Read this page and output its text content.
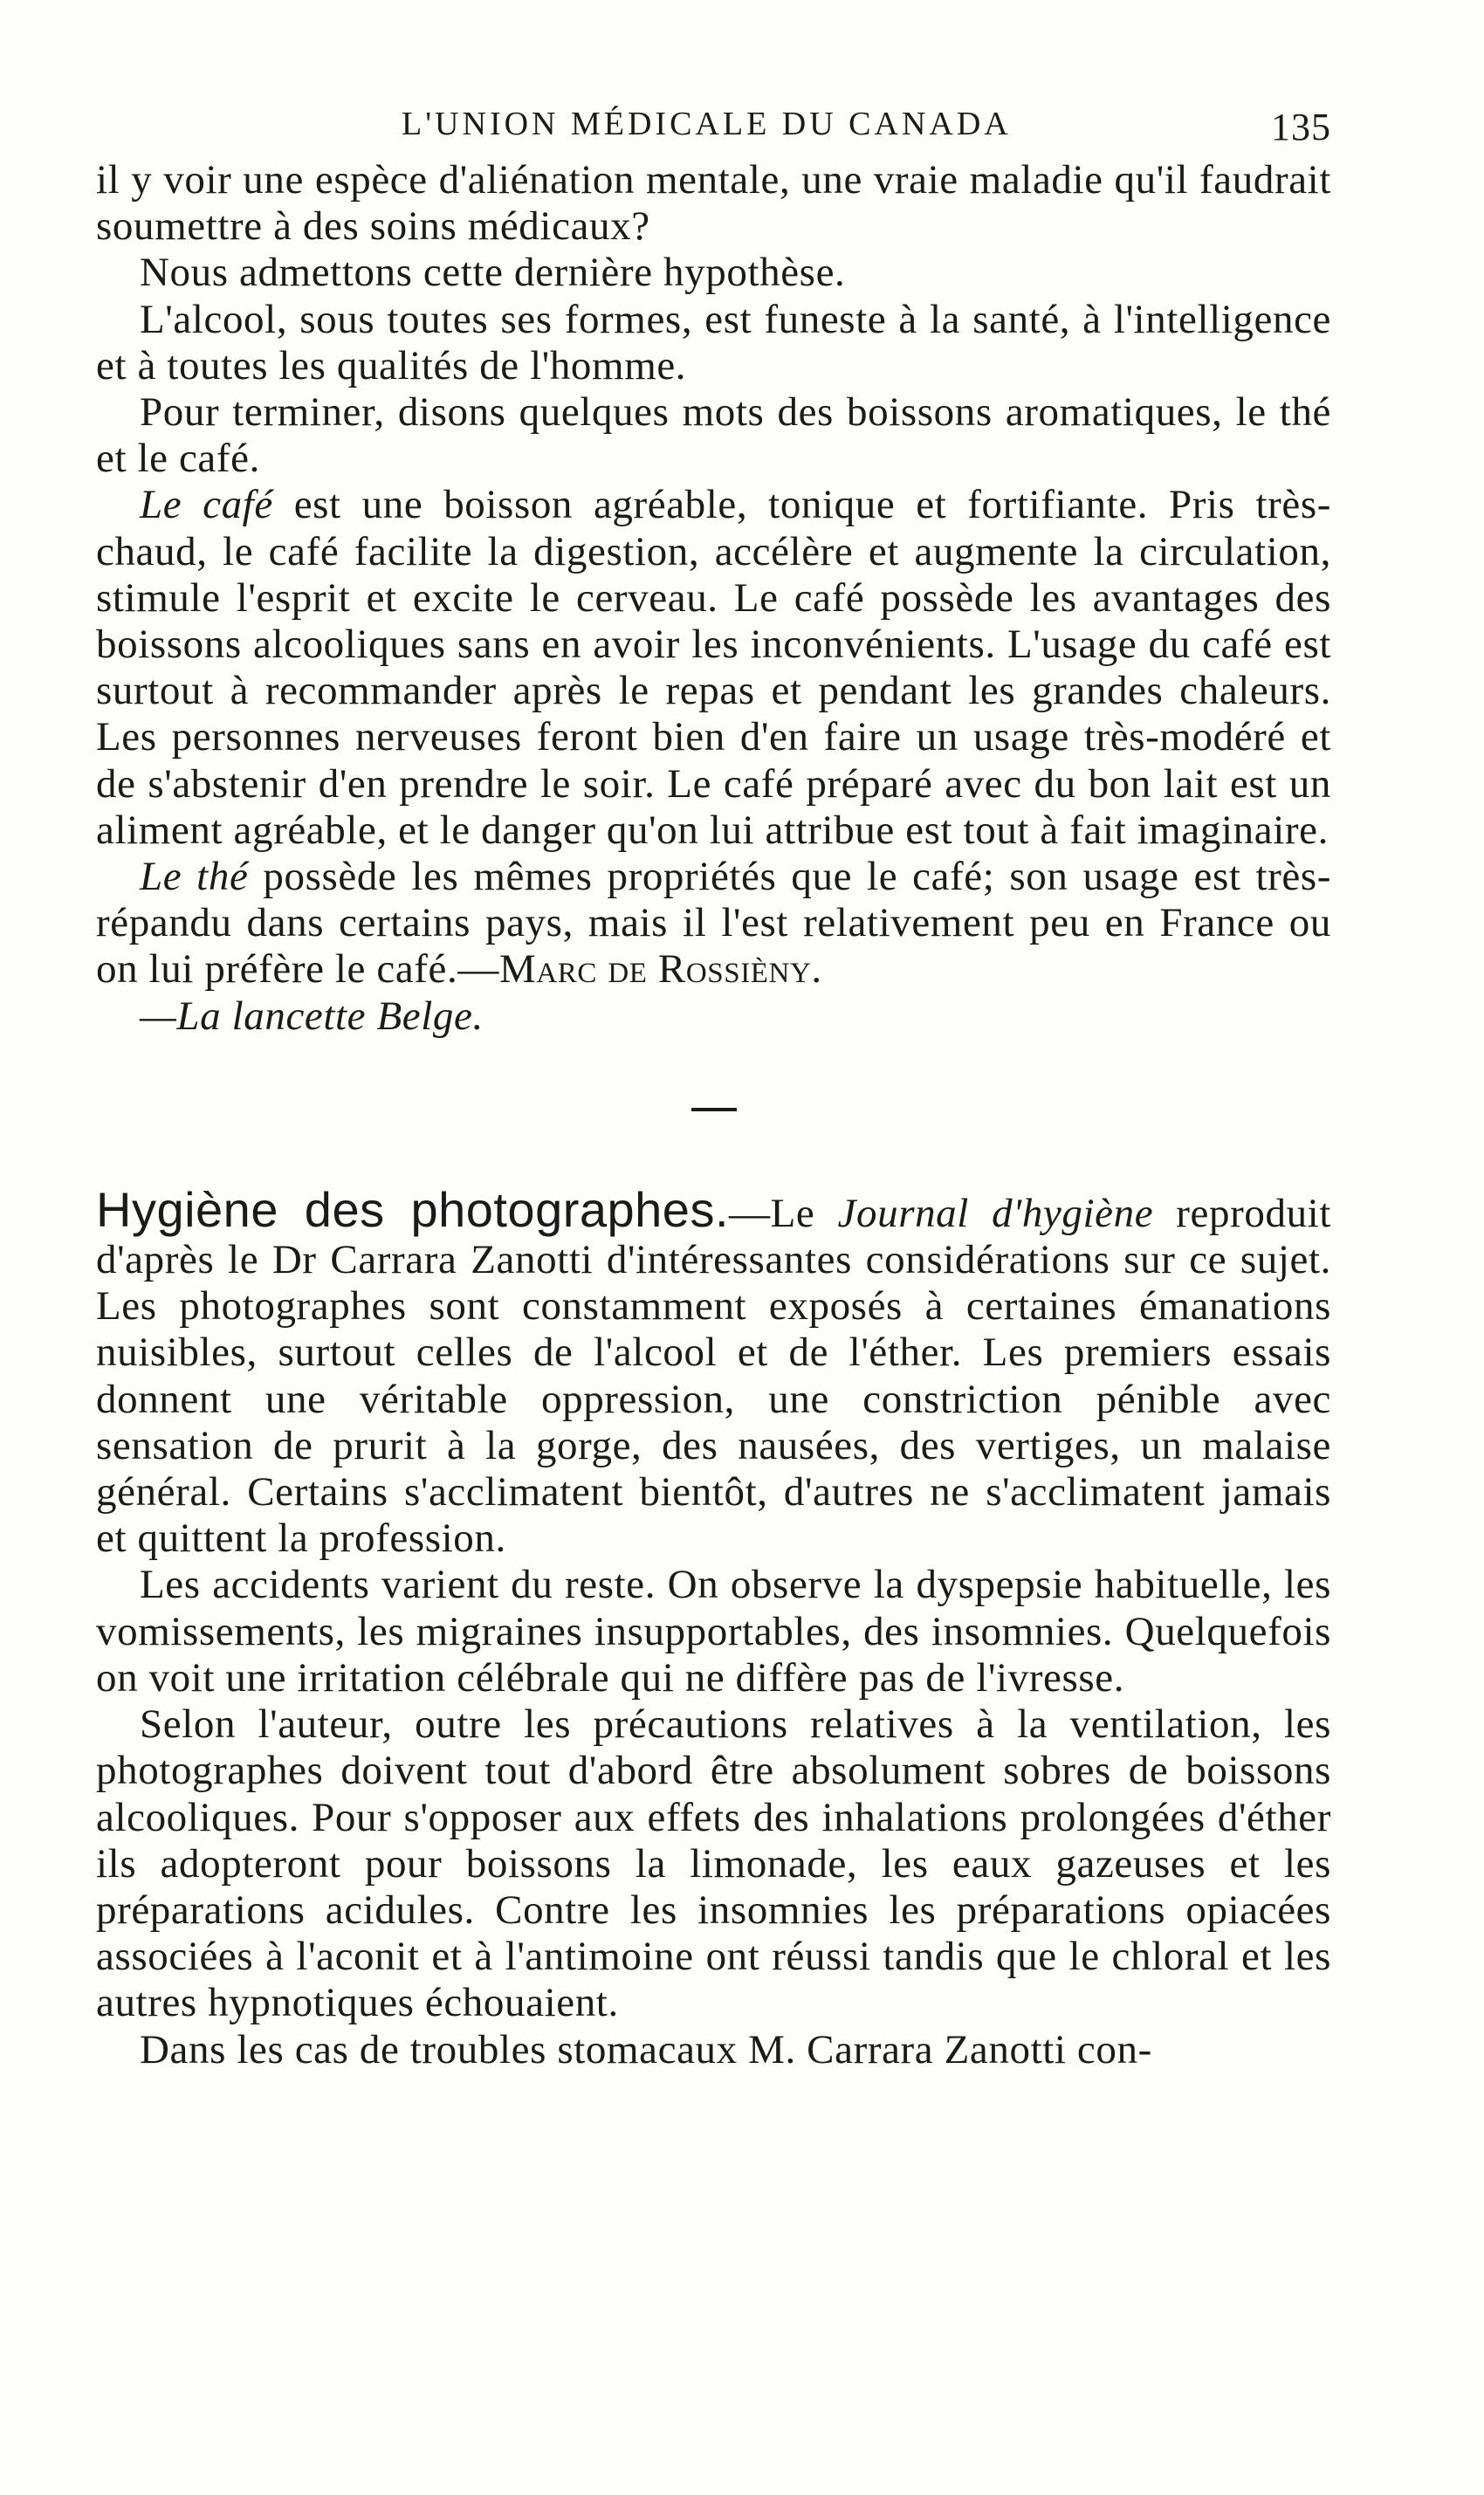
L'UNION MÉDICALE DU CANADA	135

il y voir une espèce d'aliénation mentale, une vraie maladie qu'il faudrait soumettre à des soins médicaux?

Nous admettons cette dernière hypothèse.

L'alcool, sous toutes ses formes, est funeste à la santé, à l'intelligence et à toutes les qualités de l'homme.

Pour terminer, disons quelques mots des boissons aromatiques, le thé et le café.

Le café est une boisson agréable, tonique et fortifiante. Pris très-chaud, le café facilite la digestion, accélère et augmente la circulation, stimule l'esprit et excite le cerveau. Le café possède les avantages des boissons alcooliques sans en avoir les inconvénients. L'usage du café est surtout à recommander après le repas et pendant les grandes chaleurs. Les personnes nerveuses feront bien d'en faire un usage très-modéré et de s'abstenir d'en prendre le soir. Le café préparé avec du bon lait est un aliment agréable, et le danger qu'on lui attribue est tout à fait imaginaire.

Le thé possède les mêmes propriétés que le café; son usage est très-répandu dans certains pays, mais il l'est relativement peu en France ou on lui préfère le café.—Marc de Rossièny.

—La lancette Belge.

Hygiène des photographes.—Le Journal d'hygiène reproduit d'après le Dr Carrara Zanotti d'intéressantes considérations sur ce sujet. Les photographes sont constamment exposés à certaines émanations nuisibles, surtout celles de l'alcool et de l'éther. Les premiers essais donnent une véritable oppression, une constriction pénible avec sensation de prurit à la gorge, des nausées, des vertiges, un malaise général. Certains s'acclimatent bientôt, d'autres ne s'acclimatent jamais et quittent la profession.

Les accidents varient du reste. On observe la dyspepsie habituelle, les vomissements, les migraines insupportables, des insomnies. Quelquefois on voit une irritation célébrale qui ne diffère pas de l'ivresse.

Selon l'auteur, outre les précautions relatives à la ventilation, les photographes doivent tout d'abord être absolument sobres de boissons alcooliques. Pour s'opposer aux effets des inhalations prolongées d'éther ils adopteront pour boissons la limonade, les eaux gazeuses et les préparations acidules. Contre les insomnies les préparations opiacées associées à l'aconit et à l'antimoine ont réussi tandis que le chloral et les autres hypnotiques échouaient.

Dans les cas de troubles stomacaux M. Carrara Zanotti con-
